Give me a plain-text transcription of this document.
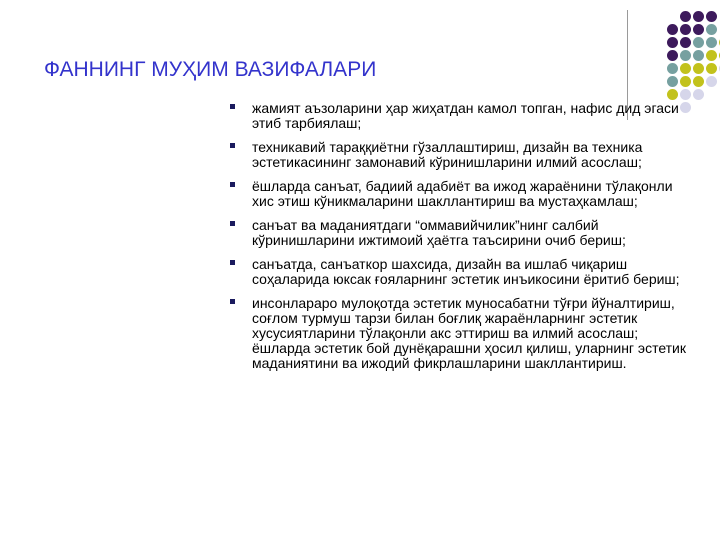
ФАННИНГ МУҲИМ ВАЗИФАЛАРИ
жамият аъзоларини ҳар жиҳатдан камол топган, нафис дид эгаси этиб тарбиялаш;
техникавий тараққиётни гўзаллаштириш, дизайн ва техника эстетикасининг замонавий кўринишларини илмий асослаш;
ёшларда санъат, бадиий адабиёт ва ижод жараёнини тўлақонли хис этиш кўникмаларини шакллантириш ва мустаҳкамлаш;
санъат ва маданиятдаги “оммавийчилик”нинг салбий кўринишларини ижтимоий ҳаётга таъсирини очиб бериш;
санъатда, санъаткор шахсида, дизайн ва ишлаб чиқариш соҳаларида юксак ғояларнинг эстетик инъикосини ёритиб бериш;
инсонлараро мулоқотда эстетик муносабатни тўғри йўналтириш, соғлом турмуш тарзи билан боғлиқ жараёнларнинг эстетик хусусиятларини тўлақонли акс эттириш ва илмий асослаш; ёшларда эстетик бой дунёқарашни ҳосил қилиш, уларнинг эстетик маданиятини ва ижодий фикрлашларини шакллантириш.
